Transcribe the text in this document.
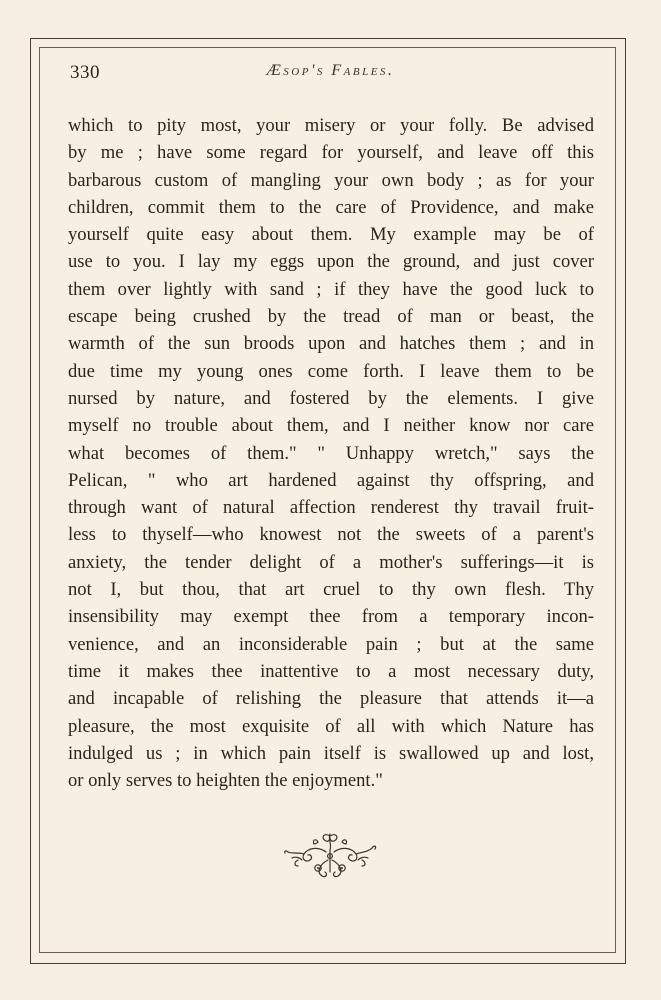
330	Æsop's Fables.
which to pity most, your misery or your folly. Be advised
by me ; have some regard for yourself, and leave off this
barbarous custom of mangling your own body ; as for your
children, commit them to the care of Providence, and make
yourself quite easy about them. My example may be of
use to you. I lay my eggs upon the ground, and just cover
them over lightly with sand ; if they have the good luck to
escape being crushed by the tread of man or beast, the
warmth of the sun broods upon and hatches them ; and in
due time my young ones come forth. I leave them to be
nursed by nature, and fostered by the elements. I give
myself no trouble about them, and I neither know nor care
what becomes of them." " Unhappy wretch," says the
Pelican, " who art hardened against thy offspring, and
through want of natural affection renderest thy travail fruit-
less to thyself—who knowest not the sweets of a parent's
anxiety, the tender delight of a mother's sufferings—it is
not I, but thou, that art cruel to thy own flesh. Thy
insensibility may exempt thee from a temporary incon-
venience, and an inconsiderable pain ; but at the same
time it makes thee inattentive to a most necessary duty,
and incapable of relishing the pleasure that attends it—a
pleasure, the most exquisite of all with which Nature has
indulged us ; in which pain itself is swallowed up and lost,
or only serves to heighten the enjoyment."
